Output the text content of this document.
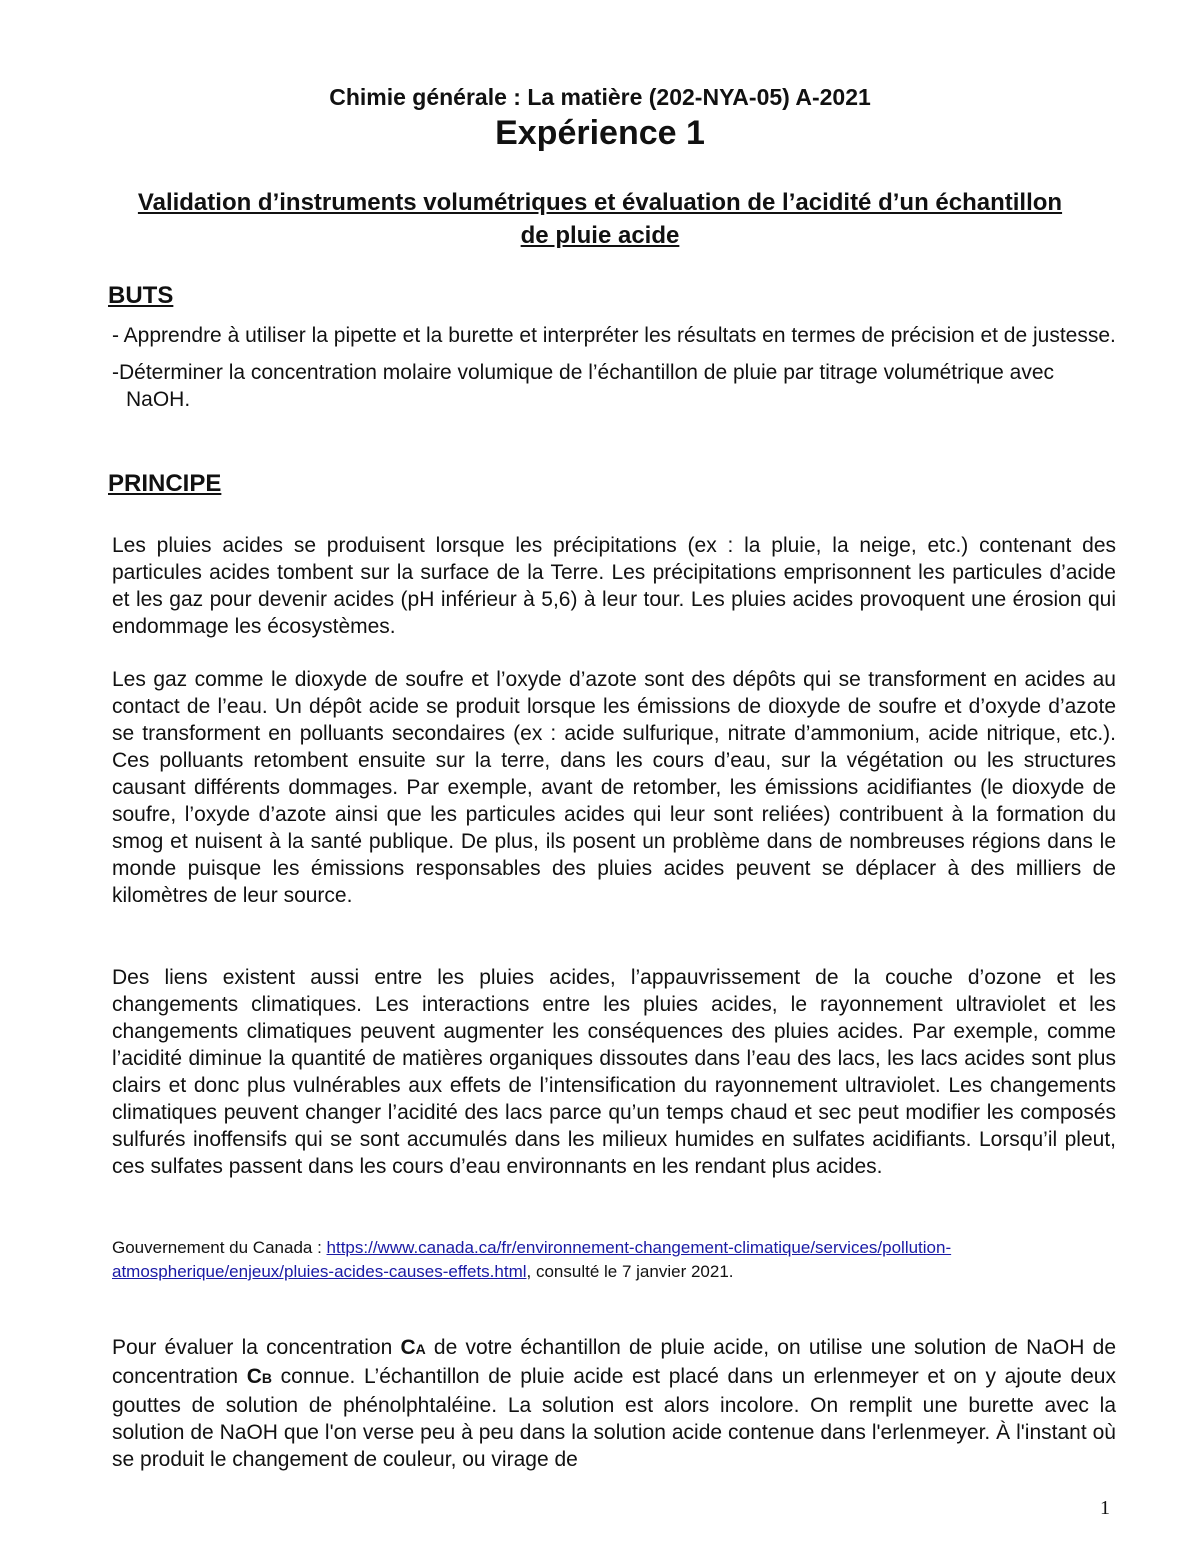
Chimie générale : La matière (202-NYA-05) A-2021

Expérience 1

Validation d’instruments volumétriques et évaluation de l’acidité d’un échantillon de pluie acide

BUTS

- Apprendre à utiliser la pipette et la burette et interpréter les résultats en termes de précision et de justesse.
-Déterminer la concentration molaire volumique de l’échantillon de pluie par titrage volumétrique avec NaOH.

PRINCIPE

Les pluies acides se produisent lorsque les précipitations (ex : la pluie, la neige, etc.) contenant des particules acides tombent sur la surface de la Terre. Les précipitations emprisonnent les particules d’acide et les gaz pour devenir acides (pH inférieur à 5,6) à leur tour. Les pluies acides provoquent une érosion qui endommage les écosystèmes.

Les gaz comme le dioxyde de soufre et l’oxyde d’azote sont des dépôts qui se transforment en acides au contact de l’eau. Un dépôt acide se produit lorsque les émissions de dioxyde de soufre et d’oxyde d’azote se transforment en polluants secondaires (ex : acide sulfurique, nitrate d’ammonium, acide nitrique, etc.). Ces polluants retombent ensuite sur la terre, dans les cours d’eau, sur la végétation ou les structures causant différents dommages. Par exemple, avant de retomber, les émissions acidifiantes (le dioxyde de soufre, l’oxyde d’azote ainsi que les particules acides qui leur sont reliées) contribuent à la formation du smog et nuisent à la santé publique. De plus, ils posent un problème dans de nombreuses régions dans le monde puisque les émissions responsables des pluies acides peuvent se déplacer à des milliers de kilomètres de leur source.

Des liens existent aussi entre les pluies acides, l’appauvrissement de la couche d’ozone et les changements climatiques. Les interactions entre les pluies acides, le rayonnement ultraviolet et les changements climatiques peuvent augmenter les conséquences des pluies acides. Par exemple, comme l’acidité diminue la quantité de matières organiques dissoutes dans l’eau des lacs, les lacs acides sont plus clairs et donc plus vulnérables aux effets de l’intensification du rayonnement ultraviolet. Les changements climatiques peuvent changer l’acidité des lacs parce qu’un temps chaud et sec peut modifier les composés sulfurés inoffensifs qui se sont accumulés dans les milieux humides en sulfates acidifiants. Lorsqu’il pleut, ces sulfates passent dans les cours d’eau environnants en les rendant plus acides.

Gouvernement du Canada : https://www.canada.ca/fr/environnement-changement-climatique/services/pollution-atmospherique/enjeux/pluies-acides-causes-effets.html, consulté le 7 janvier 2021.

Pour évaluer la concentration CA de votre échantillon de pluie acide, on utilise une solution de NaOH de concentration CB connue. L’échantillon de pluie acide est placé dans un erlenmeyer et on y ajoute deux gouttes de solution de phénolphtaléine. La solution est alors incolore. On remplit une burette avec la solution de NaOH que l'on verse peu à peu dans la solution acide contenue dans l'erlenmeyer. À l'instant où se produit le changement de couleur, ou virage de

1
